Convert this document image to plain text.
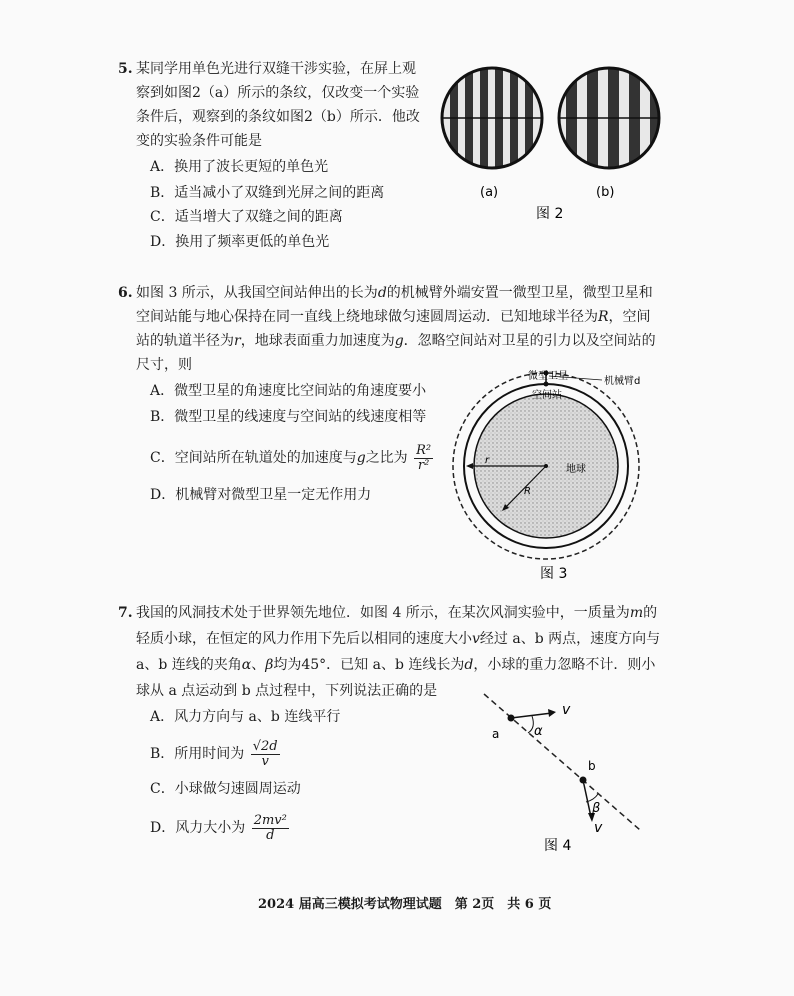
5. 某同学用单色光进行双缝干涉实验，在屏上观
察到如图2（a）所示的条纹，仅改变一个实验
条件后，观察到的条纹如图2（b）所示．他改
变的实验条件可能是
A．换用了波长更短的单色光
B．适当减小了双缝到光屏之间的距离
C．适当增大了双缝之间的距离
D．换用了频率更低的单色光
(a)	(b)
图 2
6. 如图 3 所示，从我国空间站伸出的长为d的机械臂外端安置一微型卫星，微型卫星和
空间站能与地心保持在同一直线上绕地球做匀速圆周运动．已知地球半径为R，空间
站的轨道半径为r，地球表面重力加速度为g．忽略空间站对卫星的引力以及空间站的
尺寸，则
A．微型卫星的角速度比空间站的角速度要小
B．微型卫星的线速度与空间站的线速度相等
C．空间站所在轨道处的加速度与g之比为 $\frac{\text{R²}}{\text{r²}}$
D．机械臂对微型卫星一定无作用力
微型卫星	机械臂d
空间站
地球
r
R
图 3
7. 我国的风洞技术处于世界领先地位．如图 4 所示，在某次风洞实验中，一质量为m的
轻质小球，在恒定的风力作用下先后以相同的速度大小v经过 a、b 两点，速度方向与
a、b 连线的夹角α、β均为45°．已知 a、b 连线长为d，小球的重力忽略不计．则小
球从 a 点运动到 b 点过程中，下列说法正确的是
A．风力方向与 a、b 连线平行
B．所用时间为 $\frac{√2d}{v}$
C．小球做匀速圆周运动
D．风力大小为 $\frac{\text{2mv²}}{d}$
a
b
v
v
α
β
图 4
2024 届高三模拟考试物理试题　第 2页　共 6 页
